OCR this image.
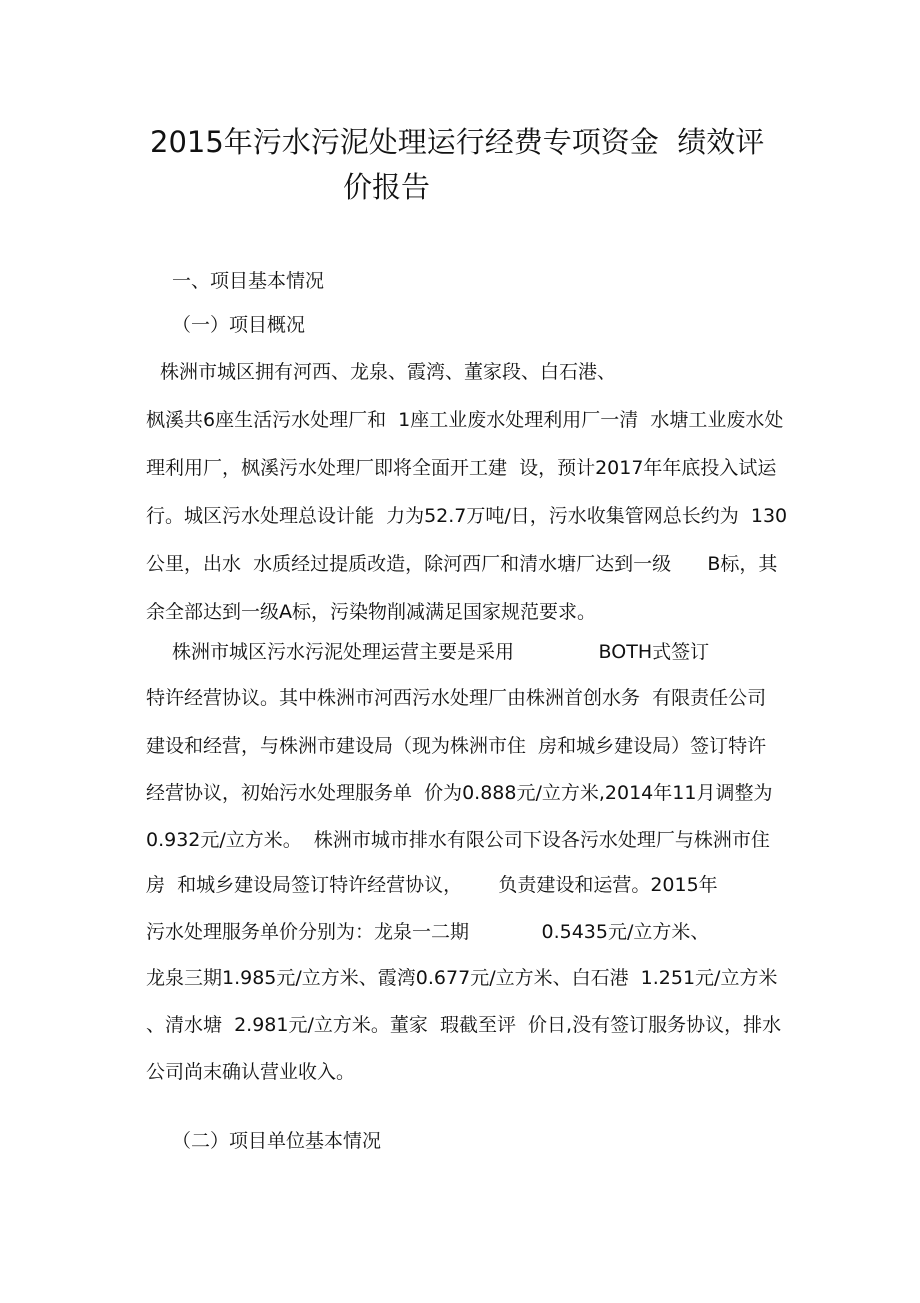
2015年污水污泥处理运行经费专项资金  绩效评
价报告
一、项目基本情况
（一）项目概况
株洲市城区拥有河西、龙泉、霞湾、董家段、白石港、
枫溪共6座生活污水处理厂和  1座工业废水处理利用厂一清  水塘工业废水处
理利用厂，枫溪污水处理厂即将全面开工建  设，预计2017年年底投入试运
行。城区污水处理总设计能  力为52.7万吨/日，污水收集管网总长约为  130
公里，出水  水质经过提质改造，除河西厂和清水塘厂达到一级      B标，其
余全部达到一级A标，污染物削减满足国家规范要求。
株洲市城区污水污泥处理运营主要是采用              BOTH式签订
特许经营协议。其中株洲市河西污水处理厂由株洲首创水务  有限责任公司
建设和经营，与株洲市建设局（现为株洲市住  房和城乡建设局）签订特许
经营协议，初始污水处理服务单  价为0.888元/立方米,2014年11月调整为
0.932元/立方米。  株洲市城市排水有限公司下设各污水处理厂与株洲市住
房  和城乡建设局签订特许经营协议，      负责建设和运营。2015年
污水处理服务单价分别为：龙泉一二期            0.5435元/立方米、
龙泉三期1.985元/立方米、霞湾0.677元/立方米、白石港  1.251元/立方米
、清水塘  2.981元/立方米。董家  瑕截至评  价日,没有签订服务协议，排水
公司尚末确认营业收入。
（二）项目单位基本情况
